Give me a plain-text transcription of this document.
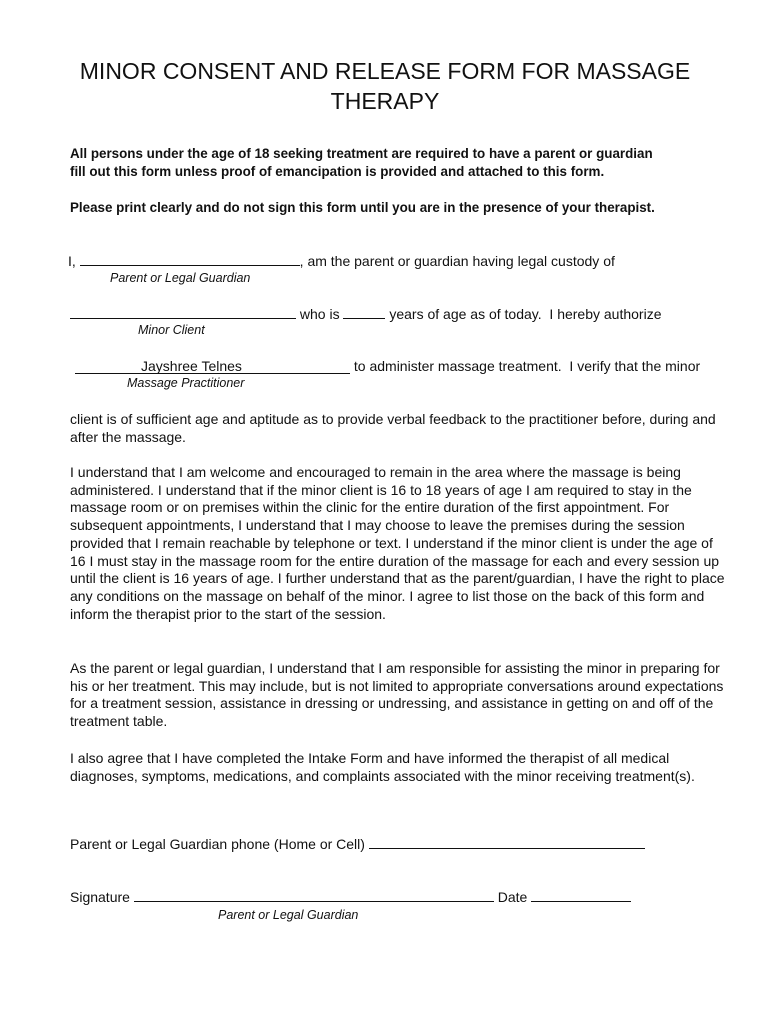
MINOR CONSENT AND RELEASE FORM FOR MASSAGE
THERAPY
All persons under the age of 18 seeking treatment are required to have a parent or guardian
fill out this form unless proof of emancipation is provided and attached to this form.
Please print clearly and do not sign this form until you are in the presence of your therapist.
I,	, am the parent or guardian having legal custody of
Parent or Legal Guardian
who is	years of age as of today.  I hereby authorize
Minor Client
Jayshree Telnes	to administer massage treatment.  I verify that the minor
Massage Practitioner

client is of sufficient age and aptitude as to provide verbal feedback to the practitioner before, during and after the massage.

I understand that I am welcome and encouraged to remain in the area where the massage is being administered. I understand that if the minor client is 16 to 18 years of age I am required to stay in the massage room or on premises within the clinic for the entire duration of the first appointment. For subsequent appointments, I understand that I may choose to leave the premises during the session provided that I remain reachable by telephone or text. I understand if the minor client is under the age of 16 I must stay in the massage room for the entire duration of the massage for each and every session up until the client is 16 years of age. I further understand that as the parent/guardian, I have the right to place any conditions on the massage on behalf of the minor. I agree to list those on the back of this form and inform the therapist prior to the start of the session.

As the parent or legal guardian, I understand that I am responsible for assisting the minor in preparing for his or her treatment. This may include, but is not limited to appropriate conversations around expectations for a treatment session, assistance in dressing or undressing, and assistance in getting on and off of the treatment table.

I also agree that I have completed the Intake Form and have informed the therapist of all medical diagnoses, symptoms, medications, and complaints associated with the minor receiving treatment(s).

Parent or Legal Guardian phone (Home or Cell)
Signature	Date
Parent or Legal Guardian
